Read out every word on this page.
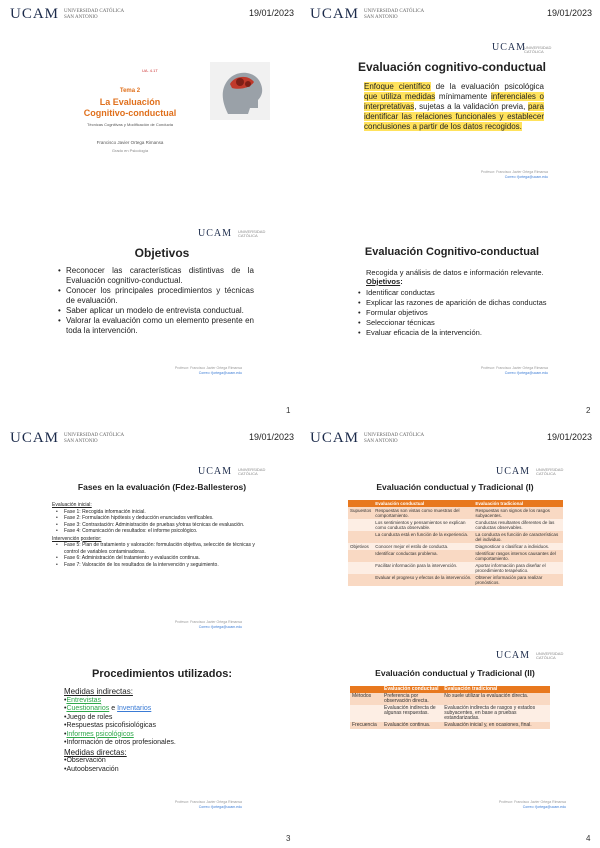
UCAM UNIVERSIDAD CATÓLICA
SAN ANTONIO	UCAM UNIVERSIDAD CATÓLICA
SAN ANTONIO
19/01/2023	19/01/2023
UA. 4.1T
Tema 2
La Evaluación
Cognitivo-conductual
Técnicas Cognitivas y Modificación de Conducta
Francisco Javier Ortega Rimansa
Grado en Psicología
UCAM
UNIVERSIDAD CATÓLICA
Evaluación cognitivo-conductual
Enfoque científico de la evaluación psicológica que utiliza medidas mínimamente inferenciales o interpretativas, sujetas a la validación previa, para identificar las relaciones funcionales y establecer conclusiones a partir de los datos recogidos.
Profesor: Francisco Javier Ortega Rimansa
Correo: fjortega@ucam.edu
UCAM UNIVERSIDAD CATÓLICA
Objetivos
• Reconocer las características distintivas de la Evaluación cognitivo-conductual.
• Conocer los principales procedimientos y técnicas de evaluación.
• Saber aplicar un modelo de entrevista conductual.
• Valorar la evaluación como un elemento presente en toda la intervención.
Profesor: Francisco Javier Ortega Rimansa
Correo: fjortega@ucam.edu
Evaluación Cognitivo-conductual
Recogida y análisis de datos e información relevante. Objetivos:
• Identificar conductas
• Explicar las razones de aparición de dichas conductas
• Formular objetivos
• Seleccionar técnicas
• Evaluar eficacia de la intervención.
Profesor: Francisco Javier Ortega Rimansa
Correo: fjortega@ucam.edu
1	2
UCAM UNIVERSIDAD CATÓLICA
SAN ANTONIO	UCAM UNIVERSIDAD CATÓLICA
SAN ANTONIO
19/01/2023	19/01/2023
UCAM UNIVERSIDAD CATÓLICA
Fases en la evaluación (Fdez-Ballesteros)
Evaluación inicial:
• Fase 1: Recogida información inicial.
• Fase 2: Formulación hipótesis y deducción enunciados verificables.
• Fase 3: Contrastación: Administración de pruebas y/otras técnicas de evaluación.
• Fase 4: Comunicación de resultados: el informe psicológico.
Intervención posterior:
• Fase 5: Plan de tratamiento y valoración: formulación objetiva, selección de técnicas y control de variables contaminadoras.
• Fase 6: Administración del tratamiento y evaluación continua.
• Fase 7: Valoración de los resultados de la intervención y seguimiento.
Profesor: Francisco Javier Ortega Rimansa
Correo: fjortega@ucam.edu
UCAM UNIVERSIDAD CATÓLICA
Evaluación conductual y Tradicional (I)
	Evaluación conductual	Evaluación tradicional
Supuestos	Respuestas son vistas como muestras del comportamiento.	Respuestas son signos de los rasgos subyacentes.
	Los sentimientos y pensamientos se explican como conducta observable.	Conductas resultantes diferentes de las conductas observables.
	La conducta está en función de la experiencia.	La conducta es función de características del individuo.
Objetivos	Conocer mejor el estilo de conducta.	Diagnosticar o clasificar a individuos.
	Identificar conductas problema.	Identificar rasgos internos causantes del comportamiento.
	Facilitar información para la intervención.	Aportar información para diseñar el procedimiento terapéutico.
	Evaluar el progreso y efectos de la intervención.	Obtener información para realizar pronósticos.
Procedimientos utilizados:
Medidas indirectas:
•Entrevistas
•Cuestionarios e Inventarios
•Juego de roles
•Respuestas psicofisiológicas
•Informes psicológicos
•Información de otros profesionales.
Medidas directas:
•Observación
•Autoobservación
Profesor: Francisco Javier Ortega Rimansa
Correo: fjortega@ucam.edu
UCAM UNIVERSIDAD CATÓLICA
Evaluación conductual y Tradicional (II)
	Evaluación conductual	Evaluación tradicional
Métodos	Preferencia por observación directa.	No suele utilizar la evaluación directa.
	Evaluación indirecta de algunas respuestas.	Evaluación indirecta de rasgos y estados subyacentes, en base a pruebas estandarizadas.
Frecuencia	Evaluación continua.	Evaluación inicial y, en ocasiones, final.
Profesor: Francisco Javier Ortega Rimansa
Correo: fjortega@ucam.edu
3	4
